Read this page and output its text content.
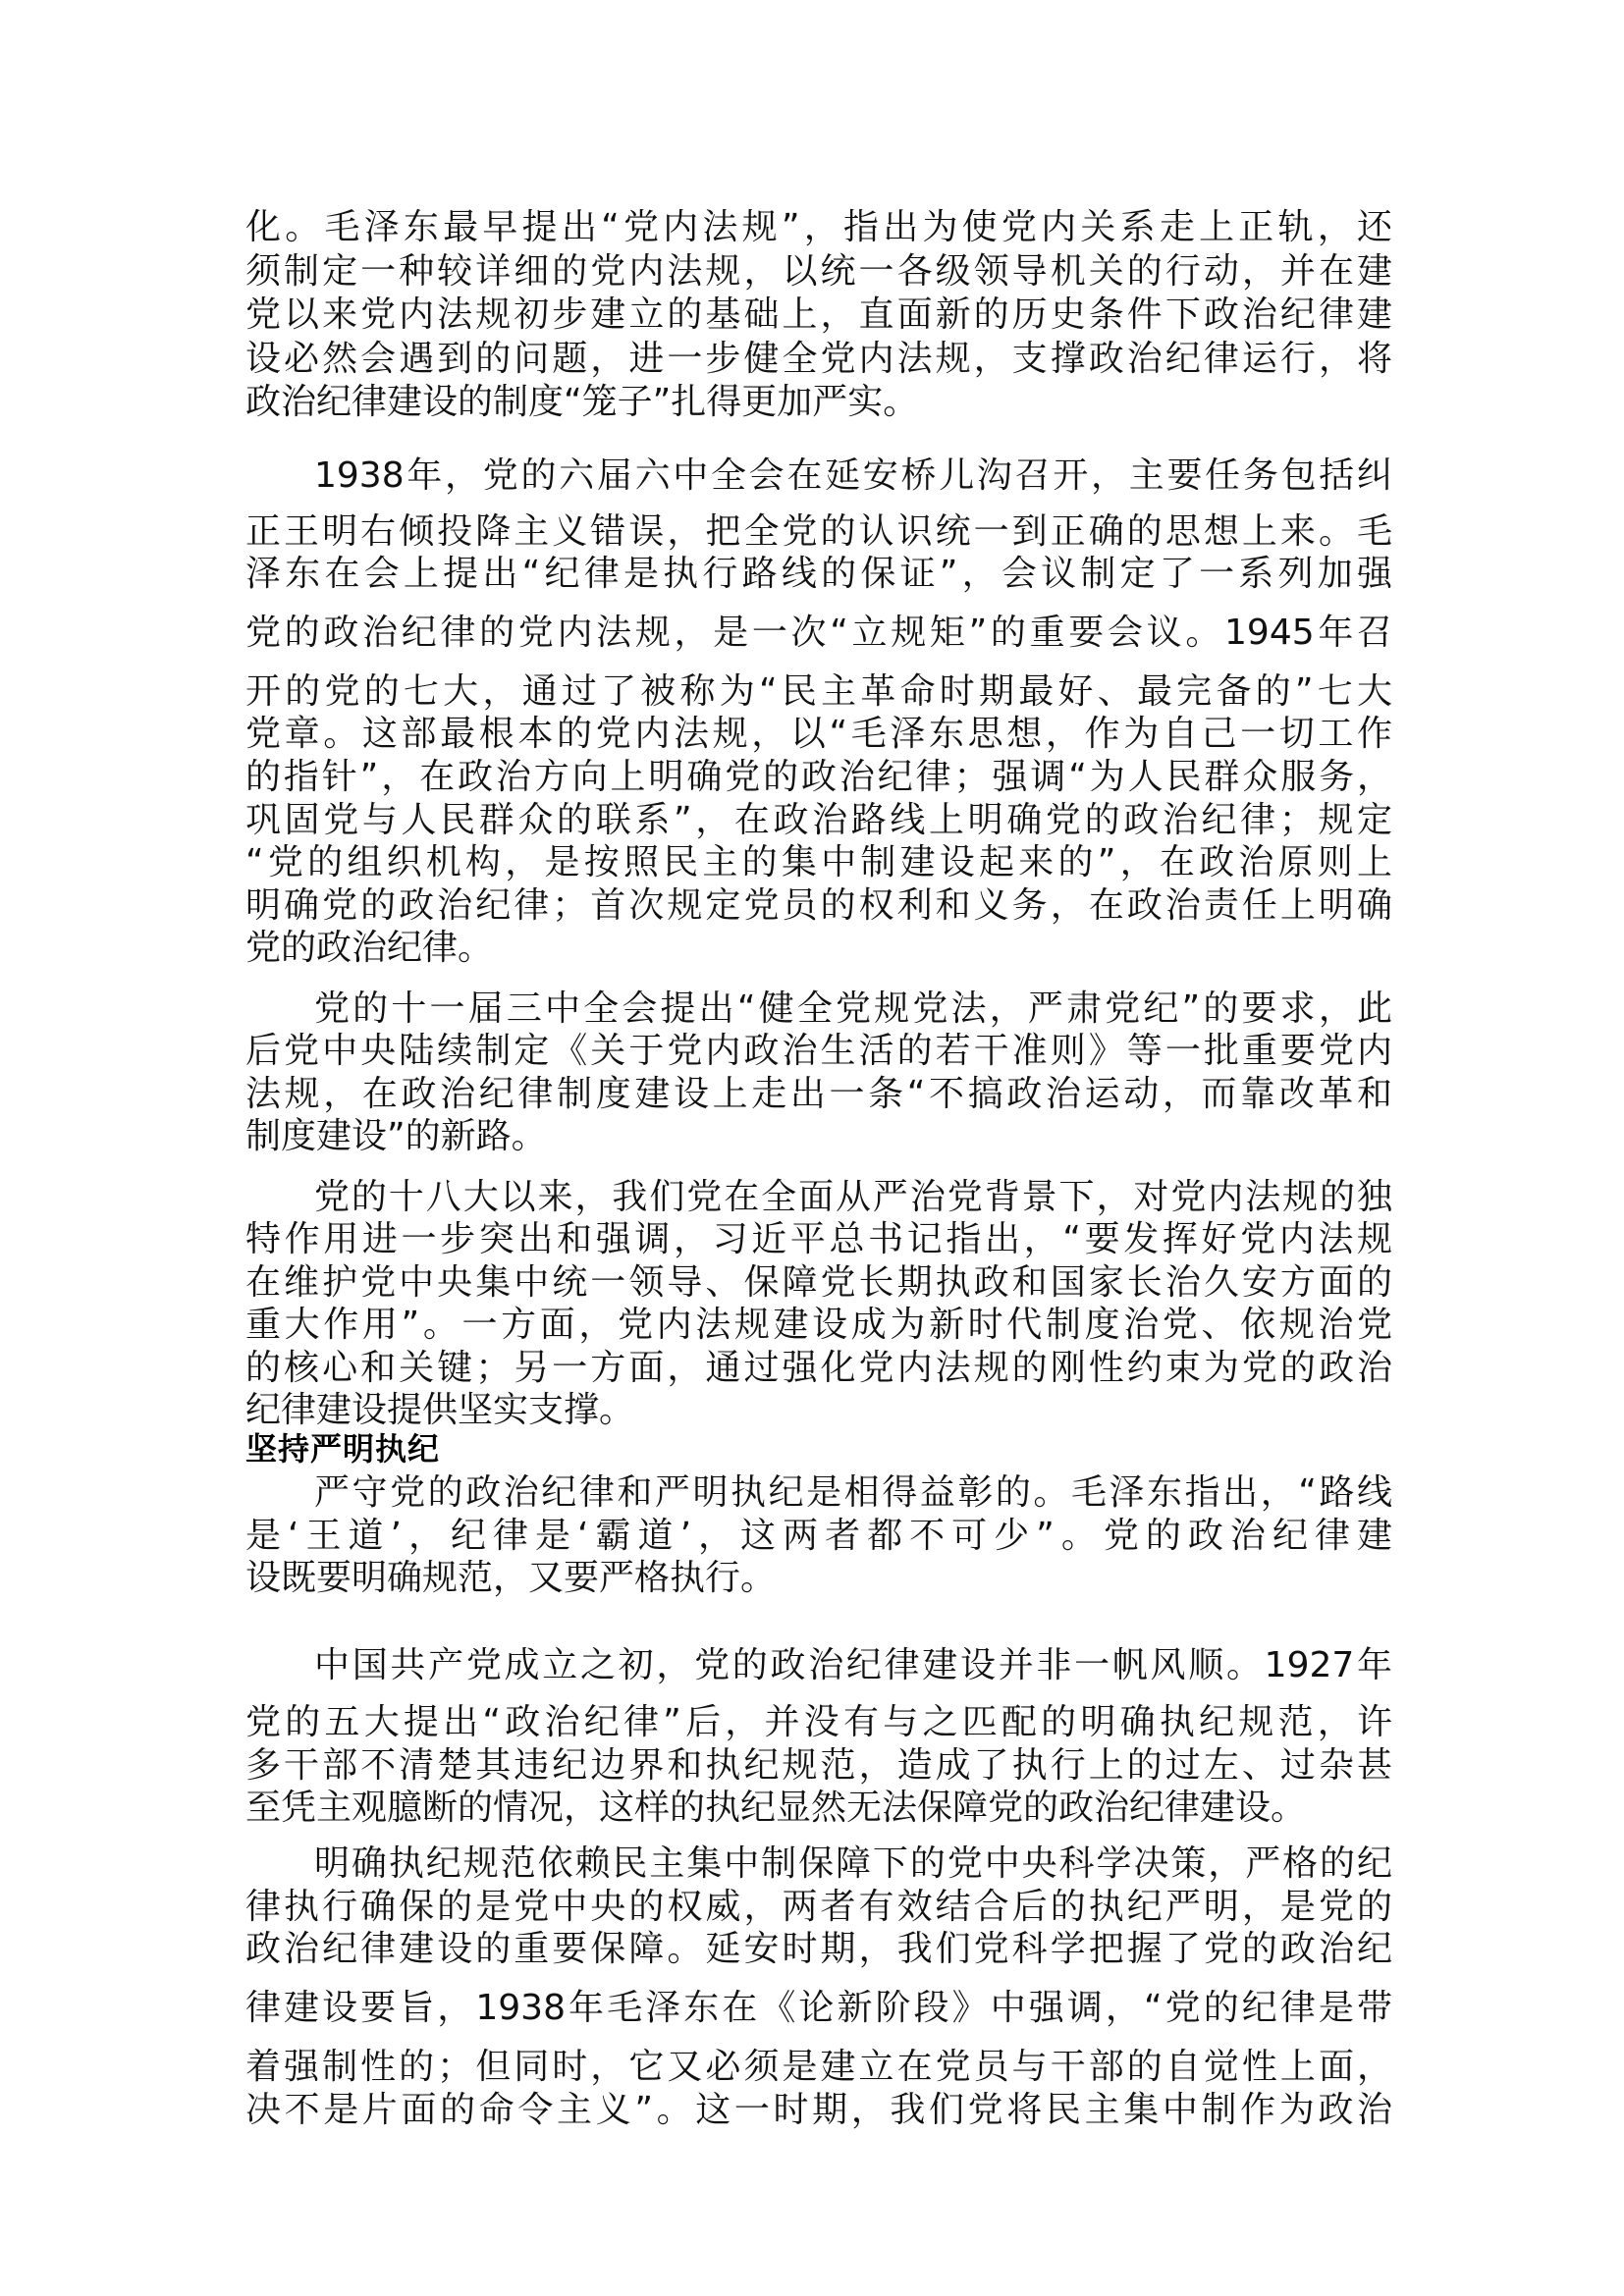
化。毛泽东最早提出“党内法规”，指出为使党内关系走上正轨，还
须制定一种较详细的党内法规，以统一各级领导机关的行动，并在建
党以来党内法规初步建立的基础上，直面新的历史条件下政治纪律建
设必然会遇到的问题，进一步健全党内法规，支撑政治纪律运行，将
政治纪律建设的制度“笼子”扎得更加严实。
1938年，党的六届六中全会在延安桥儿沟召开，主要任务包括纠
正王明右倾投降主义错误，把全党的认识统一到正确的思想上来。毛
泽东在会上提出“纪律是执行路线的保证”，会议制定了一系列加强
党的政治纪律的党内法规，是一次“立规矩”的重要会议。1945年召
开的党的七大，通过了被称为“民主革命时期最好、最完备的”七大
党章。这部最根本的党内法规，以“毛泽东思想，作为自己一切工作
的指针”，在政治方向上明确党的政治纪律；强调“为人民群众服务，
巩固党与人民群众的联系”，在政治路线上明确党的政治纪律；规定
“党的组织机构，是按照民主的集中制建设起来的”，在政治原则上
明确党的政治纪律；首次规定党员的权利和义务，在政治责任上明确
党的政治纪律。
党的十一届三中全会提出“健全党规党法，严肃党纪”的要求，此
后党中央陆续制定《关于党内政治生活的若干准则》等一批重要党内
法规，在政治纪律制度建设上走出一条“不搞政治运动，而靠改革和
制度建设”的新路。
党的十八大以来，我们党在全面从严治党背景下，对党内法规的独
特作用进一步突出和强调，习近平总书记指出，“要发挥好党内法规
在维护党中央集中统一领导、保障党长期执政和国家长治久安方面的
重大作用”。一方面，党内法规建设成为新时代制度治党、依规治党
的核心和关键；另一方面，通过强化党内法规的刚性约束为党的政治
纪律建设提供坚实支撑。
坚持严明执纪
严守党的政治纪律和严明执纪是相得益彰的。毛泽东指出，“路线
是‘王道’，纪律是‘霸道’，这两者都不可少”。党的政治纪律建
设既要明确规范，又要严格执行。
中国共产党成立之初，党的政治纪律建设并非一帆风顺。1927年
党的五大提出“政治纪律”后，并没有与之匹配的明确执纪规范，许
多干部不清楚其违纪边界和执纪规范，造成了执行上的过左、过杂甚
至凭主观臆断的情况，这样的执纪显然无法保障党的政治纪律建设。
明确执纪规范依赖民主集中制保障下的党中央科学决策，严格的纪
律执行确保的是党中央的权威，两者有效结合后的执纪严明，是党的
政治纪律建设的重要保障。延安时期，我们党科学把握了党的政治纪
律建设要旨，1938年毛泽东在《论新阶段》中强调，“党的纪律是带
着强制性的；但同时，它又必须是建立在党员与干部的自觉性上面，
决不是片面的命令主义”。这一时期，我们党将民主集中制作为政治
